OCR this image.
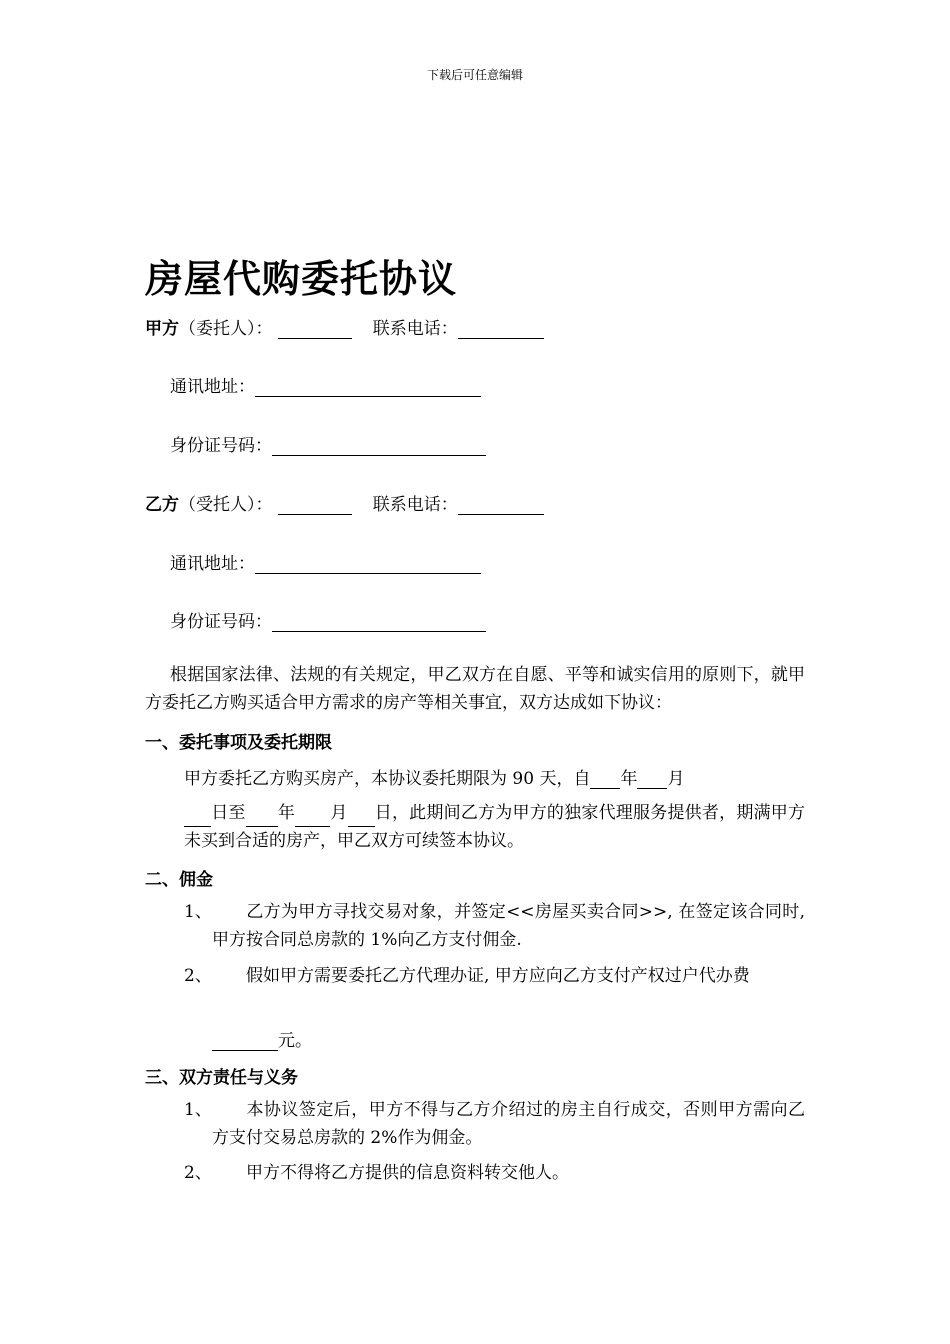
下载后可任意编辑
房屋代购委托协议
甲方（委托人）：	联系电话：
通讯地址：
身份证号码：
乙方（受托人）：	联系电话：
通讯地址：
身份证号码：
根据国家法律、法规的有关规定，甲乙双方在自愿、平等和诚实信用的原则下，就甲方委托乙方购买适合甲方需求的房产等相关事宜，双方达成如下协议：
一、委托事项及委托期限
甲方委托乙方购买房产，本协议委托期限为 90 天，自 年 月
日至 年 月 日，此期间乙方为甲方的独家代理服务提供者，期满甲方未买到合适的房产，甲乙双方可续签本协议。
二、佣金
1、 乙方为甲方寻找交易对象，并签定<<房屋买卖合同>>, 在签定该合同时, 甲方按合同总房款的 1%向乙方支付佣金.
2、 假如甲方需要委托乙方代理办证, 甲方应向乙方支付产权过户代办费
元。
三、双方责任与义务
1、 本协议签定后，甲方不得与乙方介绍过的房主自行成交，否则甲方需向乙方支付交易总房款的 2%作为佣金。
2、 甲方不得将乙方提供的信息资料转交他人。
